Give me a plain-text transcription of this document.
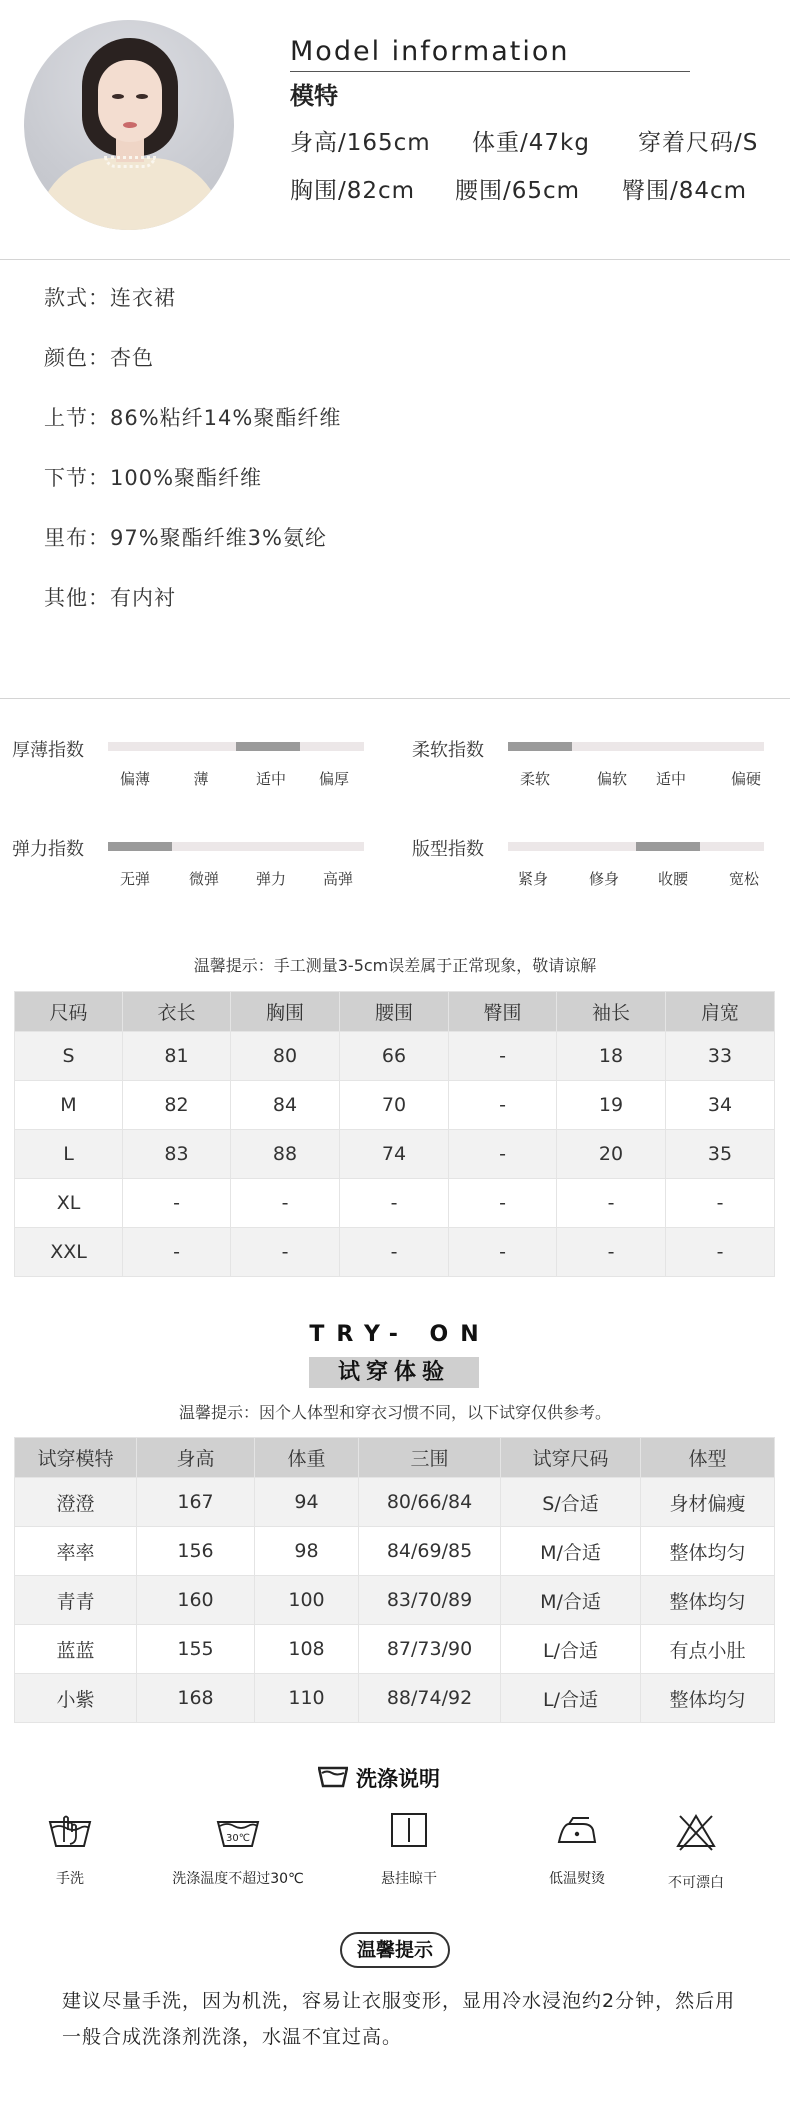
Model information
模特
身高/165cm 体重/47kg 穿着尺码/S
胸围/82cm 腰围/65cm 臀围/84cm
款式：连衣裙
颜色：杏色
上节：86%粘纤14%聚酯纤维
下节：100%聚酯纤维
里布：97%聚酯纤维3%氨纶
其他：有内衬
厚薄指数
偏薄	薄	适中 偏厚
柔软指数
柔软	偏软 适中	偏硬
弹力指数
无弹	微弹 弹力 高弹
版型指数
紧身	修身	收腰	宽松
温馨提示：手工测量3-5cm误差属于正常现象，敬请谅解
尺码	衣长	胸围	腰围	臀围	袖长	肩宽
S	81	80	66	-	18	33
M	82	84	70	-	19	34
L	83	88	74	-	20	35
XL	-	-	-	-	-	-
XXL	-	-	-	-	-	-
TRY- ON
试穿体验
温馨提示：因个人体型和穿衣习惯不同，以下试穿仅供参考。
试穿模特	身高	体重	三围	试穿尺码	体型
澄澄	167	94	80/66/84	S/合适	身材偏瘦
率率	156	98	84/69/85	M/合适	整体均匀
青青	160	100	83/70/89	M/合适	整体均匀
蓝蓝	155	108	87/73/90	L/合适	有点小肚
小紫	168	110	88/74/92	L/合适	整体均匀
洗涤说明
手洗
30℃
洗涤温度不超过30℃	悬挂晾干	低温熨烫	不可漂白
温馨提示
建议尽量手洗，因为机洗，容易让衣服变形，显用冷水浸泡约2分钟，然后用一般合成洗涤剂洗涤，水温不宜过高。
